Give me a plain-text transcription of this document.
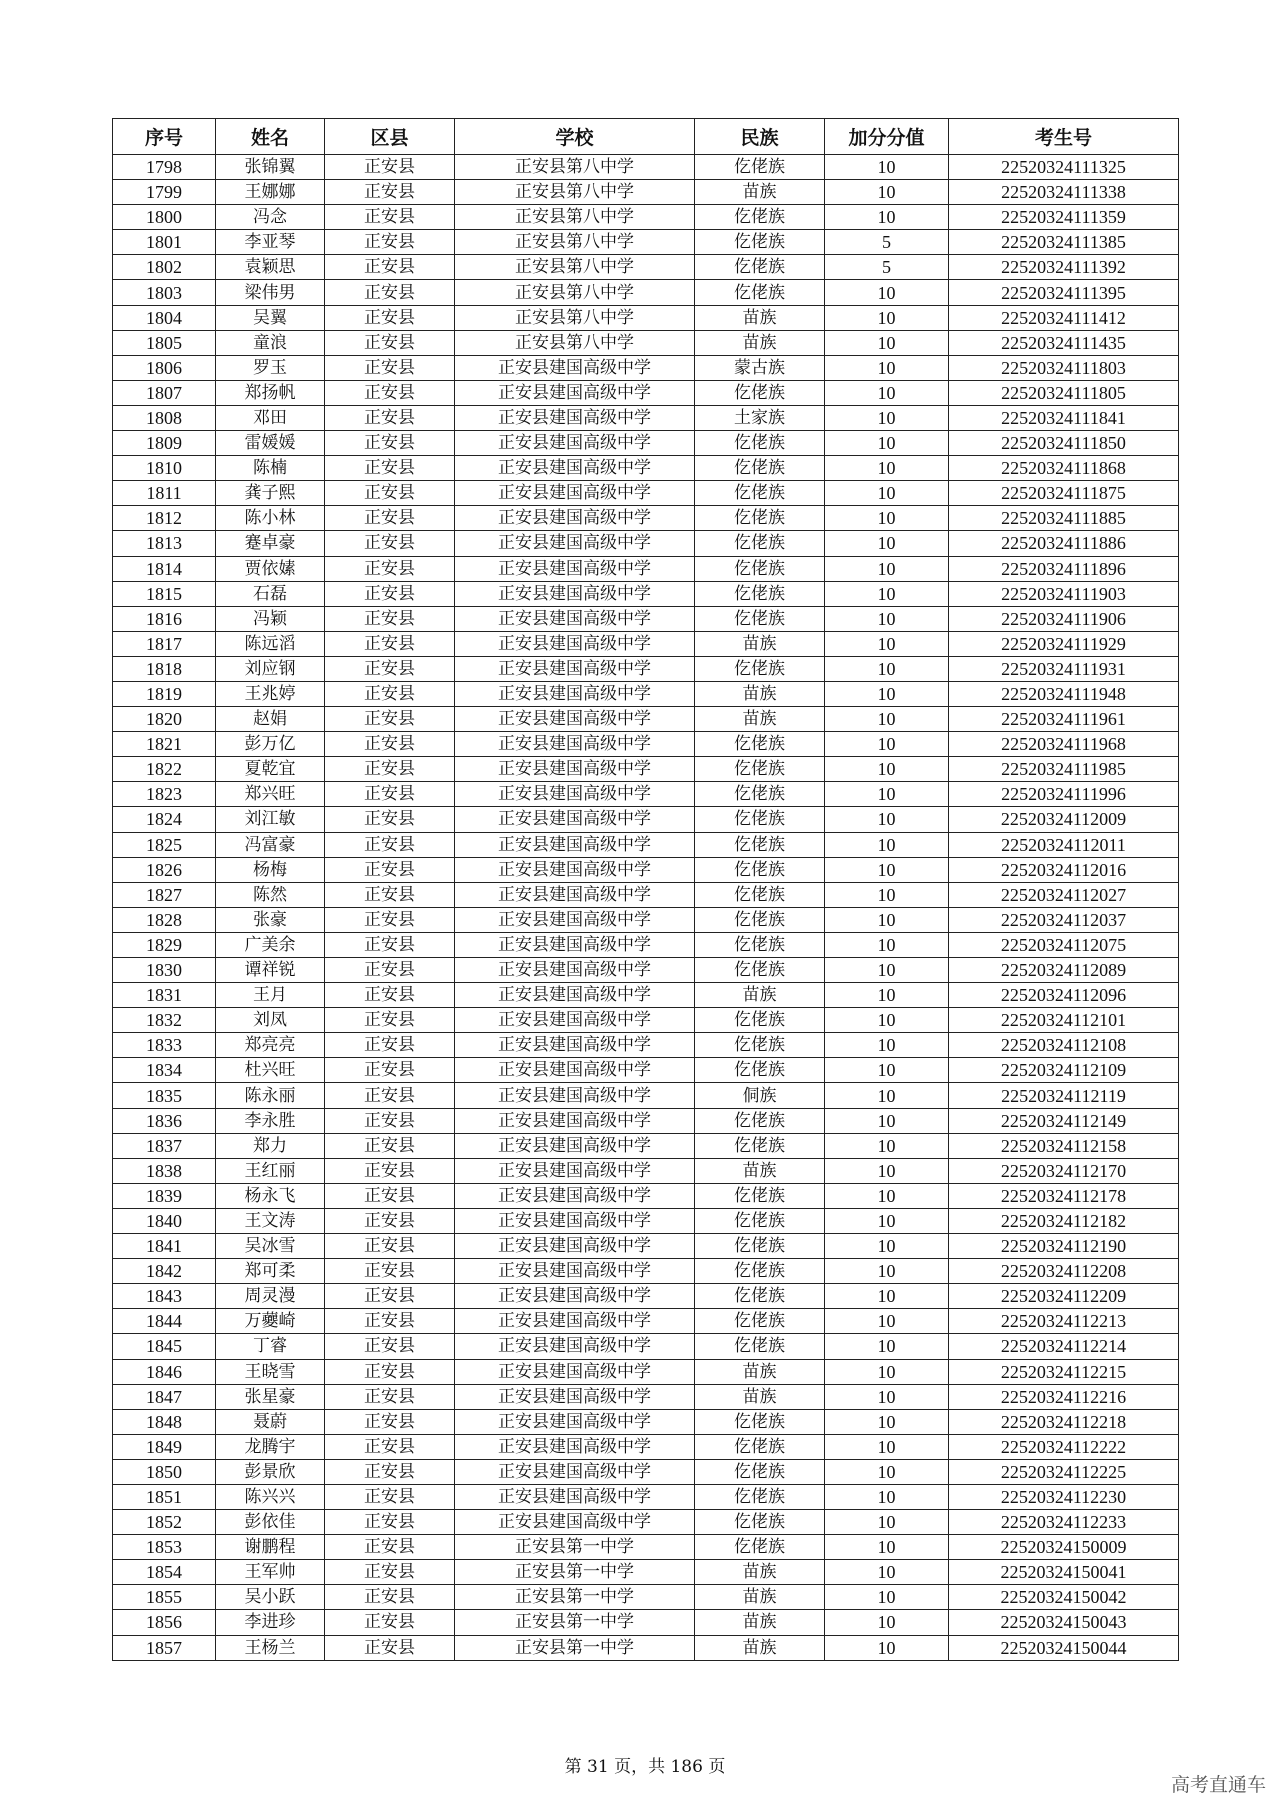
序号	姓名	区县	学校	民族	加分分值	考生号
1798	张锦翼	正安县	正安县第八中学	仡佬族	10	22520324111325
1799	王娜娜	正安县	正安县第八中学	苗族	10	22520324111338
1800	冯念	正安县	正安县第八中学	仡佬族	10	22520324111359
1801	李亚琴	正安县	正安县第八中学	仡佬族	5	22520324111385
1802	袁颖思	正安县	正安县第八中学	仡佬族	5	22520324111392
1803	梁伟男	正安县	正安县第八中学	仡佬族	10	22520324111395
1804	吴翼	正安县	正安县第八中学	苗族	10	22520324111412
1805	童浪	正安县	正安县第八中学	苗族	10	22520324111435
1806	罗玉	正安县	正安县建国高级中学	蒙古族	10	22520324111803
1807	郑扬帆	正安县	正安县建国高级中学	仡佬族	10	22520324111805
1808	邓田	正安县	正安县建国高级中学	土家族	10	22520324111841
1809	雷媛媛	正安县	正安县建国高级中学	仡佬族	10	22520324111850
1810	陈楠	正安县	正安县建国高级中学	仡佬族	10	22520324111868
1811	龚子熙	正安县	正安县建国高级中学	仡佬族	10	22520324111875
1812	陈小林	正安县	正安县建国高级中学	仡佬族	10	22520324111885
1813	蹇卓豪	正安县	正安县建国高级中学	仡佬族	10	22520324111886
1814	贾依嫊	正安县	正安县建国高级中学	仡佬族	10	22520324111896
1815	石磊	正安县	正安县建国高级中学	仡佬族	10	22520324111903
1816	冯颖	正安县	正安县建国高级中学	仡佬族	10	22520324111906
1817	陈远滔	正安县	正安县建国高级中学	苗族	10	22520324111929
1818	刘应钢	正安县	正安县建国高级中学	仡佬族	10	22520324111931
1819	王兆婷	正安县	正安县建国高级中学	苗族	10	22520324111948
1820	赵娟	正安县	正安县建国高级中学	苗族	10	22520324111961
1821	彭万亿	正安县	正安县建国高级中学	仡佬族	10	22520324111968
1822	夏乾宜	正安县	正安县建国高级中学	仡佬族	10	22520324111985
1823	郑兴旺	正安县	正安县建国高级中学	仡佬族	10	22520324111996
1824	刘江敏	正安县	正安县建国高级中学	仡佬族	10	22520324112009
1825	冯富豪	正安县	正安县建国高级中学	仡佬族	10	22520324112011
1826	杨梅	正安县	正安县建国高级中学	仡佬族	10	22520324112016
1827	陈然	正安县	正安县建国高级中学	仡佬族	10	22520324112027
1828	张豪	正安县	正安县建国高级中学	仡佬族	10	22520324112037
1829	广美余	正安县	正安县建国高级中学	仡佬族	10	22520324112075
1830	谭祥锐	正安县	正安县建国高级中学	仡佬族	10	22520324112089
1831	王月	正安县	正安县建国高级中学	苗族	10	22520324112096
1832	刘凤	正安县	正安县建国高级中学	仡佬族	10	22520324112101
1833	郑亮亮	正安县	正安县建国高级中学	仡佬族	10	22520324112108
1834	杜兴旺	正安县	正安县建国高级中学	仡佬族	10	22520324112109
1835	陈永丽	正安县	正安县建国高级中学	侗族	10	22520324112119
1836	李永胜	正安县	正安县建国高级中学	仡佬族	10	22520324112149
1837	郑力	正安县	正安县建国高级中学	仡佬族	10	22520324112158
1838	王红丽	正安县	正安县建国高级中学	苗族	10	22520324112170
1839	杨永飞	正安县	正安县建国高级中学	仡佬族	10	22520324112178
1840	王文涛	正安县	正安县建国高级中学	仡佬族	10	22520324112182
1841	吴冰雪	正安县	正安县建国高级中学	仡佬族	10	22520324112190
1842	郑可柔	正安县	正安县建国高级中学	仡佬族	10	22520324112208
1843	周灵漫	正安县	正安县建国高级中学	仡佬族	10	22520324112209
1844	万虁崎	正安县	正安县建国高级中学	仡佬族	10	22520324112213
1845	丁睿	正安县	正安县建国高级中学	仡佬族	10	22520324112214
1846	王晓雪	正安县	正安县建国高级中学	苗族	10	22520324112215
1847	张星豪	正安县	正安县建国高级中学	苗族	10	22520324112216
1848	聂蔚	正安县	正安县建国高级中学	仡佬族	10	22520324112218
1849	龙腾宇	正安县	正安县建国高级中学	仡佬族	10	22520324112222
1850	彭景欣	正安县	正安县建国高级中学	仡佬族	10	22520324112225
1851	陈兴兴	正安县	正安县建国高级中学	仡佬族	10	22520324112230
1852	彭依佳	正安县	正安县建国高级中学	仡佬族	10	22520324112233
1853	谢鹏程	正安县	正安县第一中学	仡佬族	10	22520324150009
1854	王军帅	正安县	正安县第一中学	苗族	10	22520324150041
1855	吴小跃	正安县	正安县第一中学	苗族	10	22520324150042
1856	李进珍	正安县	正安县第一中学	苗族	10	22520324150043
1857	王杨兰	正安县	正安县第一中学	苗族	10	22520324150044
第 31 页，共 186 页
高考直通车
